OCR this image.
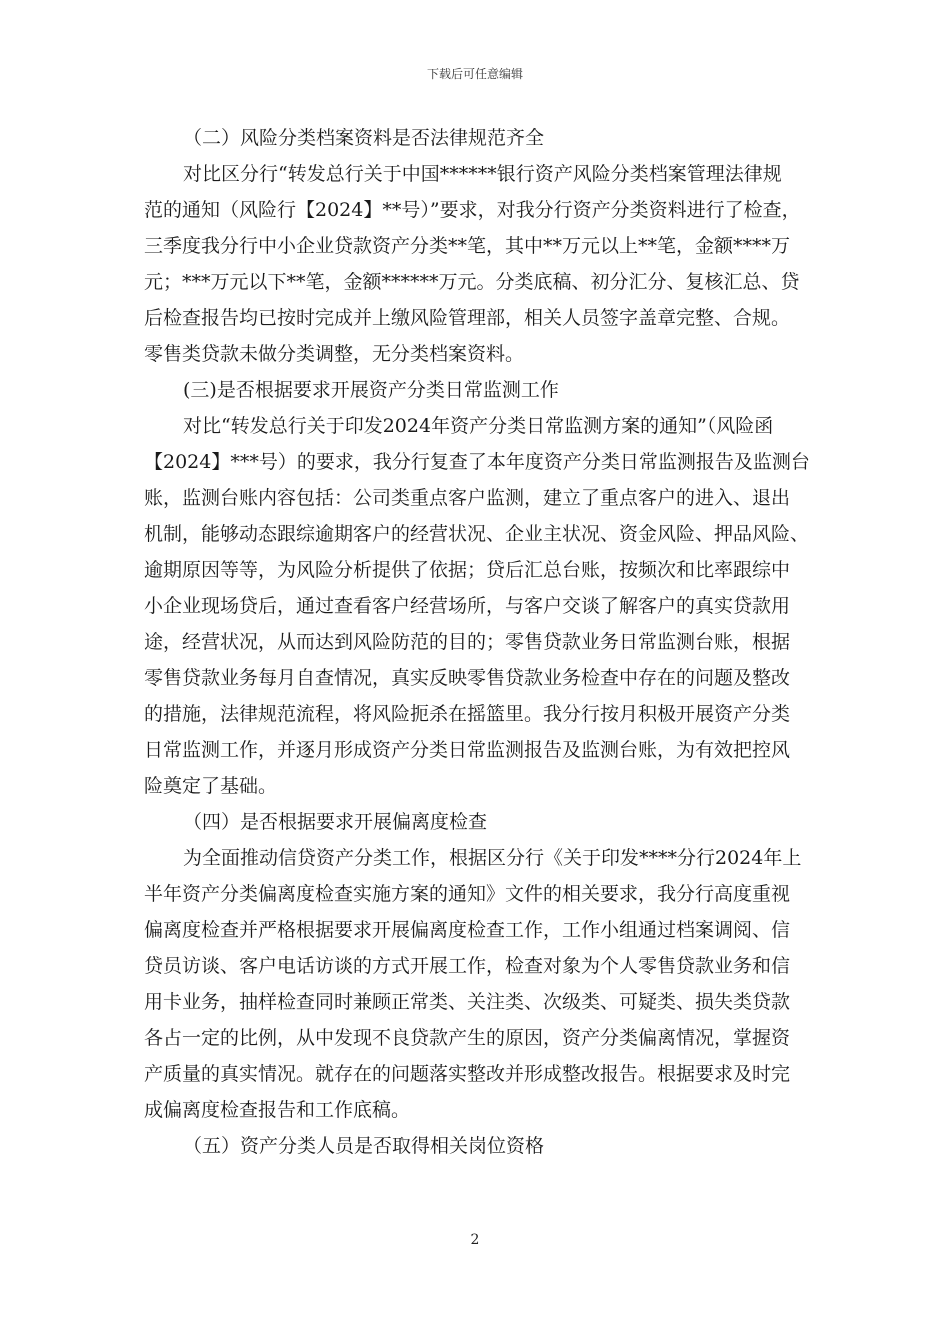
下载后可任意编辑
（二）风险分类档案资料是否法律规范齐全
对比区分行“转发总行关于中国******银行资产风险分类档案管理法律规
范的通知（风险行【2024】**号）”要求，对我分行资产分类资料进行了检查，
三季度我分行中小企业贷款资产分类**笔，其中**万元以上**笔，金额****万
元；***万元以下**笔，金额******万元。分类底稿、初分汇分、复核汇总、贷
后检查报告均已按时完成并上缴风险管理部，相关人员签字盖章完整、合规。
零售类贷款未做分类调整，无分类档案资料。
(三)是否根据要求开展资产分类日常监测工作
对比“转发总行关于印发2024年资产分类日常监测方案的通知”（风险函
【2024】***号）的要求，我分行复查了本年度资产分类日常监测报告及监测台
账，监测台账内容包括：公司类重点客户监测，建立了重点客户的进入、退出
机制，能够动态跟综逾期客户的经营状况、企业主状况、资金风险、押品风险、
逾期原因等等，为风险分析提供了依据；贷后汇总台账，按频次和比率跟综中
小企业现场贷后，通过查看客户经营场所，与客户交谈了解客户的真实贷款用
途，经营状况，从而达到风险防范的目的；零售贷款业务日常监测台账，根据
零售贷款业务每月自查情况，真实反映零售贷款业务检查中存在的问题及整改
的措施，法律规范流程，将风险扼杀在摇篮里。我分行按月积极开展资产分类
日常监测工作，并逐月形成资产分类日常监测报告及监测台账，为有效把控风
险奠定了基础。
（四）是否根据要求开展偏离度检查
为全面推动信贷资产分类工作，根据区分行《关于印发****分行2024年上
半年资产分类偏离度检查实施方案的通知》文件的相关要求，我分行高度重视
偏离度检查并严格根据要求开展偏离度检查工作，工作小组通过档案调阅、信
贷员访谈、客户电话访谈的方式开展工作，检查对象为个人零售贷款业务和信
用卡业务，抽样检查同时兼顾正常类、关注类、次级类、可疑类、损失类贷款
各占一定的比例，从中发现不良贷款产生的原因，资产分类偏离情况，掌握资
产质量的真实情况。就存在的问题落实整改并形成整改报告。根据要求及时完
成偏离度检查报告和工作底稿。
（五）资产分类人员是否取得相关岗位资格
2
